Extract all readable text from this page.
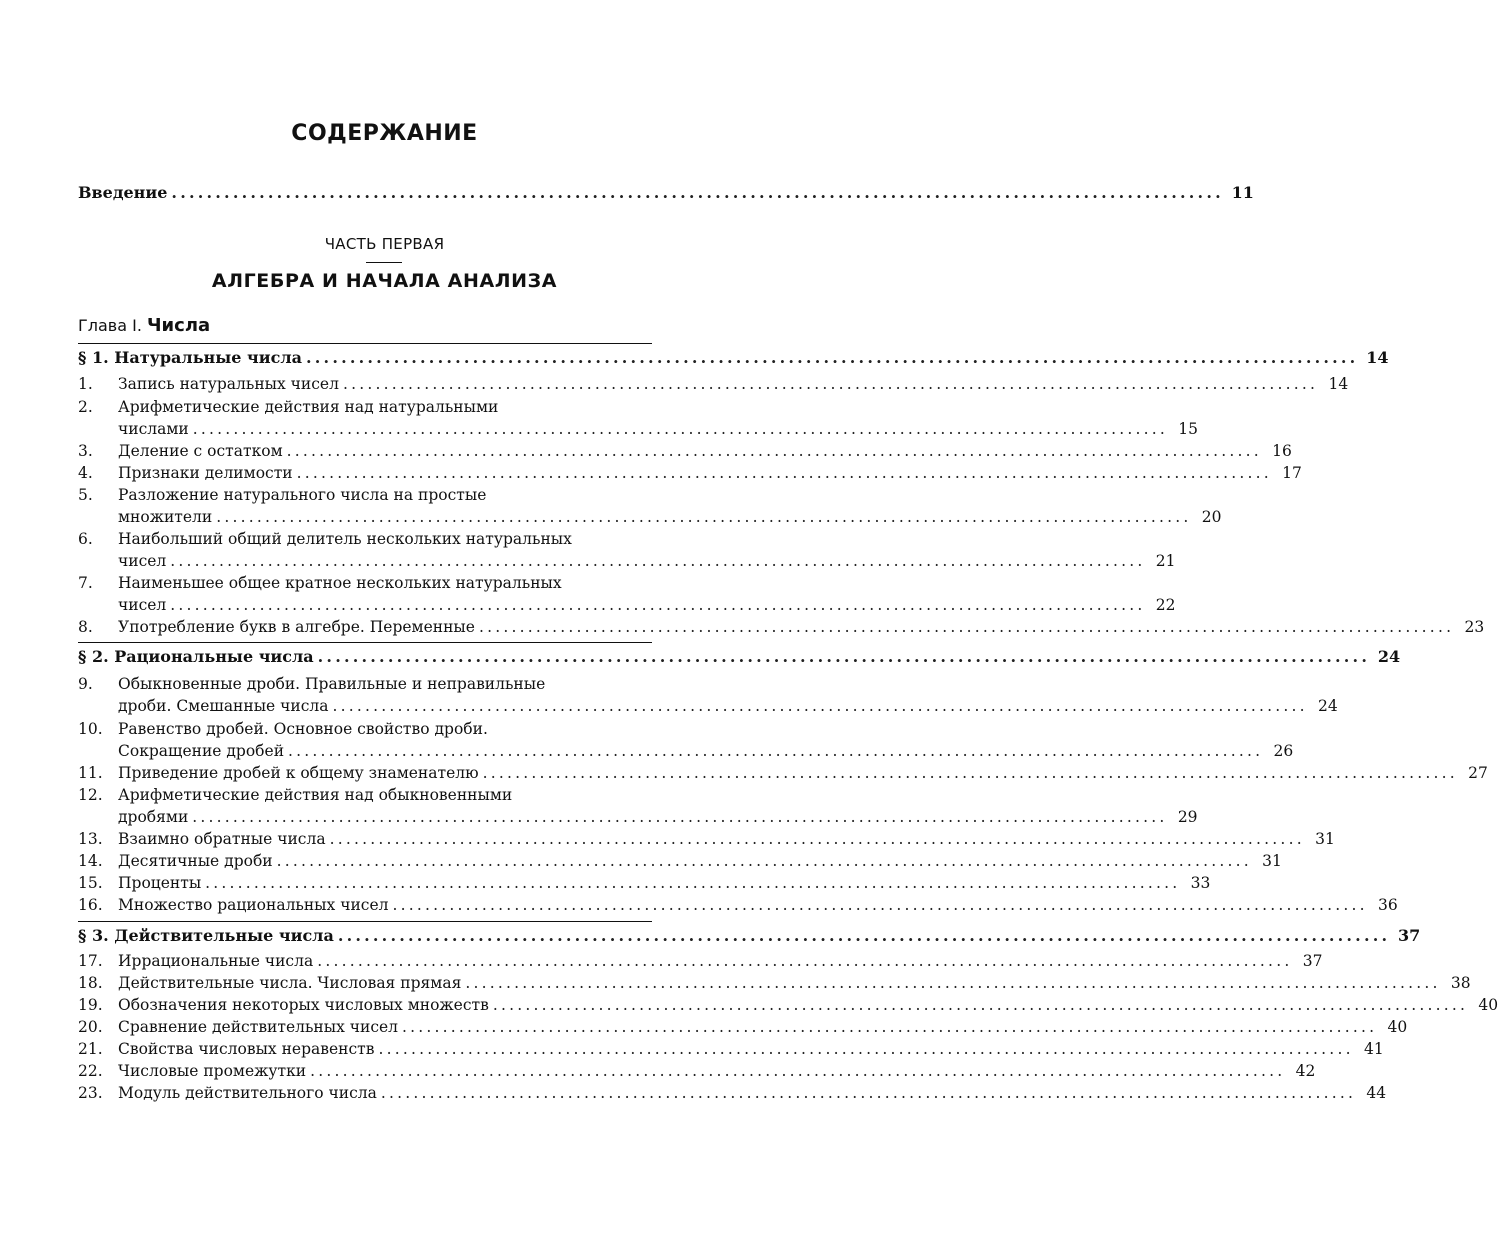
СОДЕРЖАНИЕ
Введение ........................................................................................................................ 11
ЧАСТЬ ПЕРВАЯ
АЛГЕБРА И НАЧАЛА АНАЛИЗА
Глава I. Числа
§ 1. Натуральные числа ........................................................................................................................ 14
1.	Запись натуральных чисел ........................................................................................................................ 14
2. Арифметические действия над натуральными
числами ........................................................................................................................ 15
3.	Деление с остатком ........................................................................................................................ 16
4.	Признаки делимости ........................................................................................................................ 17
5. Разложение натурального числа на простые
множители ........................................................................................................................ 20
6. Наибольший общий делитель нескольких натуральных
чисел ........................................................................................................................ 21
7. Наименьшее общее кратное нескольких натуральных
чисел ........................................................................................................................ 22
8.	Употребление букв в алгебре. Переменные ........................................................................................................................ 23
§ 2. Рациональные числа ........................................................................................................................ 24
9. Обыкновенные дроби. Правильные и неправильные
дроби. Смешанные числа ........................................................................................................................ 24
10. Равенство дробей. Основное свойство дроби.
Сокращение дробей ........................................................................................................................ 26
11. Приведение дробей к общему знаменателю ........................................................................................................................ 27
12. Арифметические действия над обыкновенными
дробями ........................................................................................................................ 29
13. Взаимно обратные числа ........................................................................................................................ 31
14. Десятичные дроби ........................................................................................................................ 31
15. Проценты ........................................................................................................................ 33
16. Множество рациональных чисел ........................................................................................................................ 36
§ 3. Действительные числа ........................................................................................................................ 37
17. Иррациональные числа ........................................................................................................................ 37
18. Действительные числа. Числовая прямая ........................................................................................................................ 38
19. Обозначения некоторых числовых множеств ........................................................................................................................ 40
20. Сравнение действительных чисел ........................................................................................................................ 40
21. Свойства числовых неравенств ........................................................................................................................ 41
22. Числовые промежутки ........................................................................................................................ 42
23. Модуль действительного числа ........................................................................................................................ 44
